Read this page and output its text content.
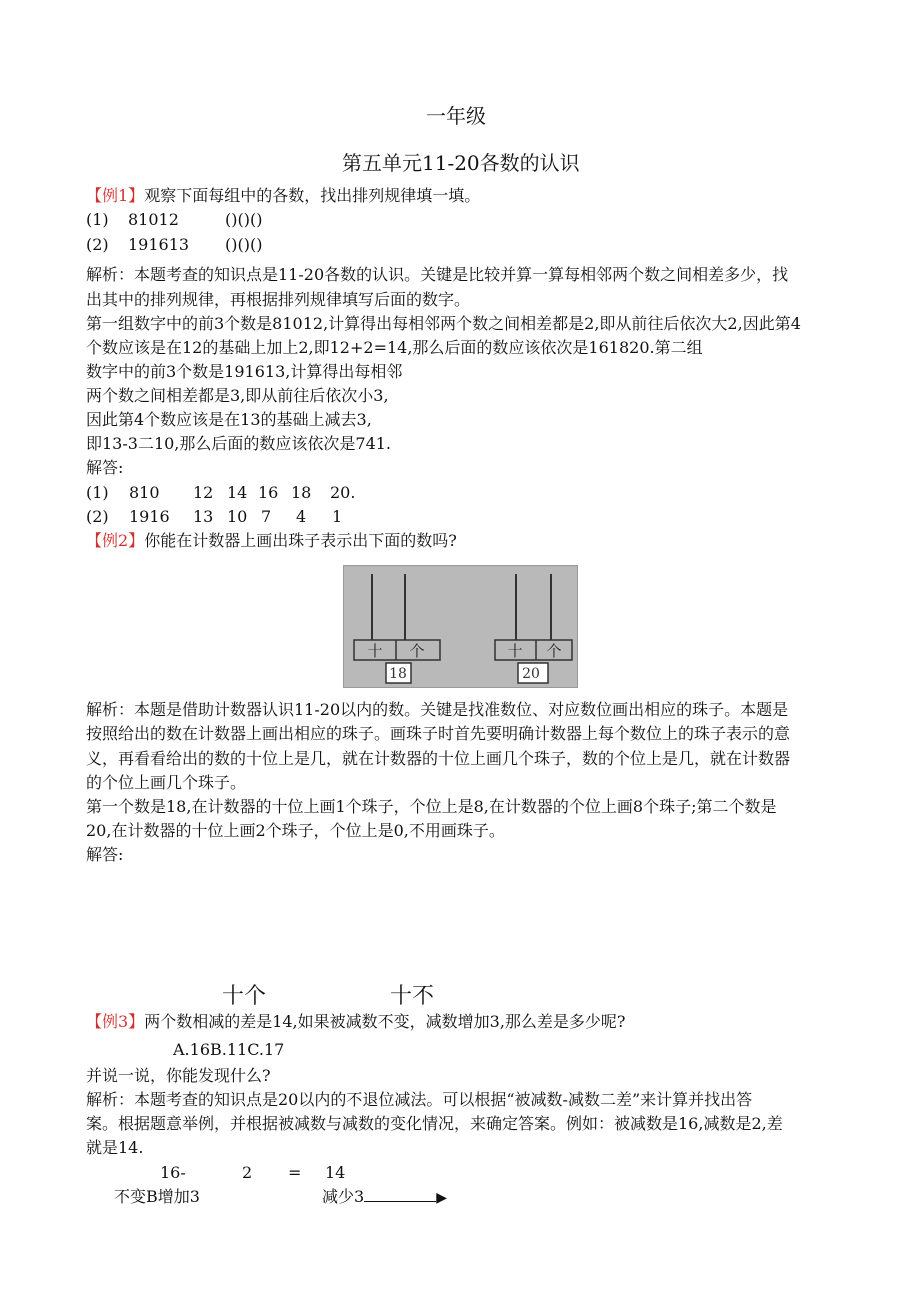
一年级
第五单元11-20各数的认识
【例1】观察下面每组中的各数，找出排列规律填一填。
(1) 81012	()()()
(2) 191613 ()()()
解析：本题考查的知识点是11-20各数的认识。关键是比较并算一算每相邻两个数之间相差多少，找
出其中的排列规律，再根据排列规律填写后面的数字。
第一组数字中的前3个数是81012,计算得出每相邻两个数之间相差都是2,即从前往后依次大2,因此第4
个数应该是在12的基础上加上2,即12+2=14,那么后面的数应该依次是161820.第二组
数字中的前3个数是191613,计算得出每相邻
两个数之间相差都是3,即从前往后依次小3,
因此第4个数应该是在13的基础上减去3,
即13-3二10,那么后面的数应该依次是741.
解答:
(1) 810 12 14 16 18 20.
(2) 1916 13 10 7 4 1
【例2】你能在计数器上画出珠子表示出下面的数吗?
十 个
18
十 个
20
解析：本题是借助计数器认识11-20以内的数。关键是找准数位、对应数位画出相应的珠子。本题是
按照给出的数在计数器上画出相应的珠子。画珠子时首先要明确计数器上每个数位上的珠子表示的意
义，再看看给出的数的十位上是几，就在计数器的十位上画几个珠子，数的个位上是几，就在计数器
的个位上画几个珠子。
第一个数是18,在计数器的十位上画1个珠子，个位上是8,在计数器的个位上画8个珠子;第二个数是
20,在计数器的十位上画2个珠子，个位上是0,不用画珠子。
解答:
十个	十不
【例3】两个数相减的差是14,如果被减数不变，减数增加3,那么差是多少呢?
A.16B.11C.17
并说一说，你能发现什么?
解析：本题考查的知识点是20以内的不退位减法。可以根据“被减数-减数二差”来计算并找出答
案。根据题意举例，并根据被减数与减数的变化情况，来确定答案。例如：被减数是16,减数是2,差
就是14.
16-	2 = 14
不变B增加3	减少3	▶
